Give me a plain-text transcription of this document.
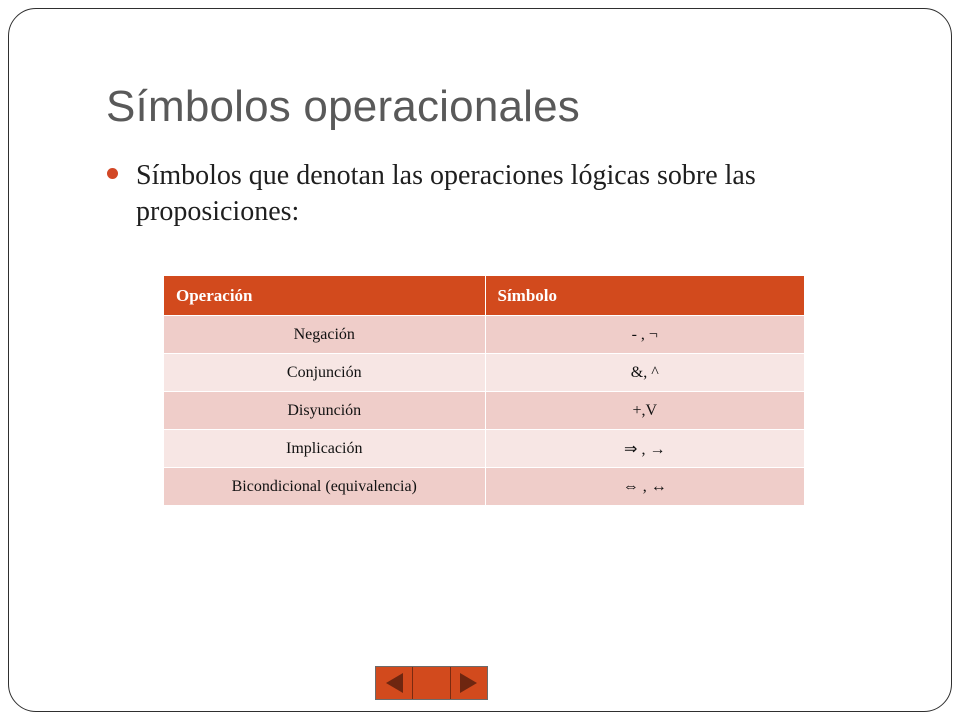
Símbolos operacionales
Símbolos que denotan las operaciones lógicas sobre las proposiciones:
Operación	Símbolo
Negación	- , ¬
Conjunción	&, ^
Disyunción	+,V
Implicación	⇒ , →
Bicondicional (equivalencia)	⇔ , ↔
